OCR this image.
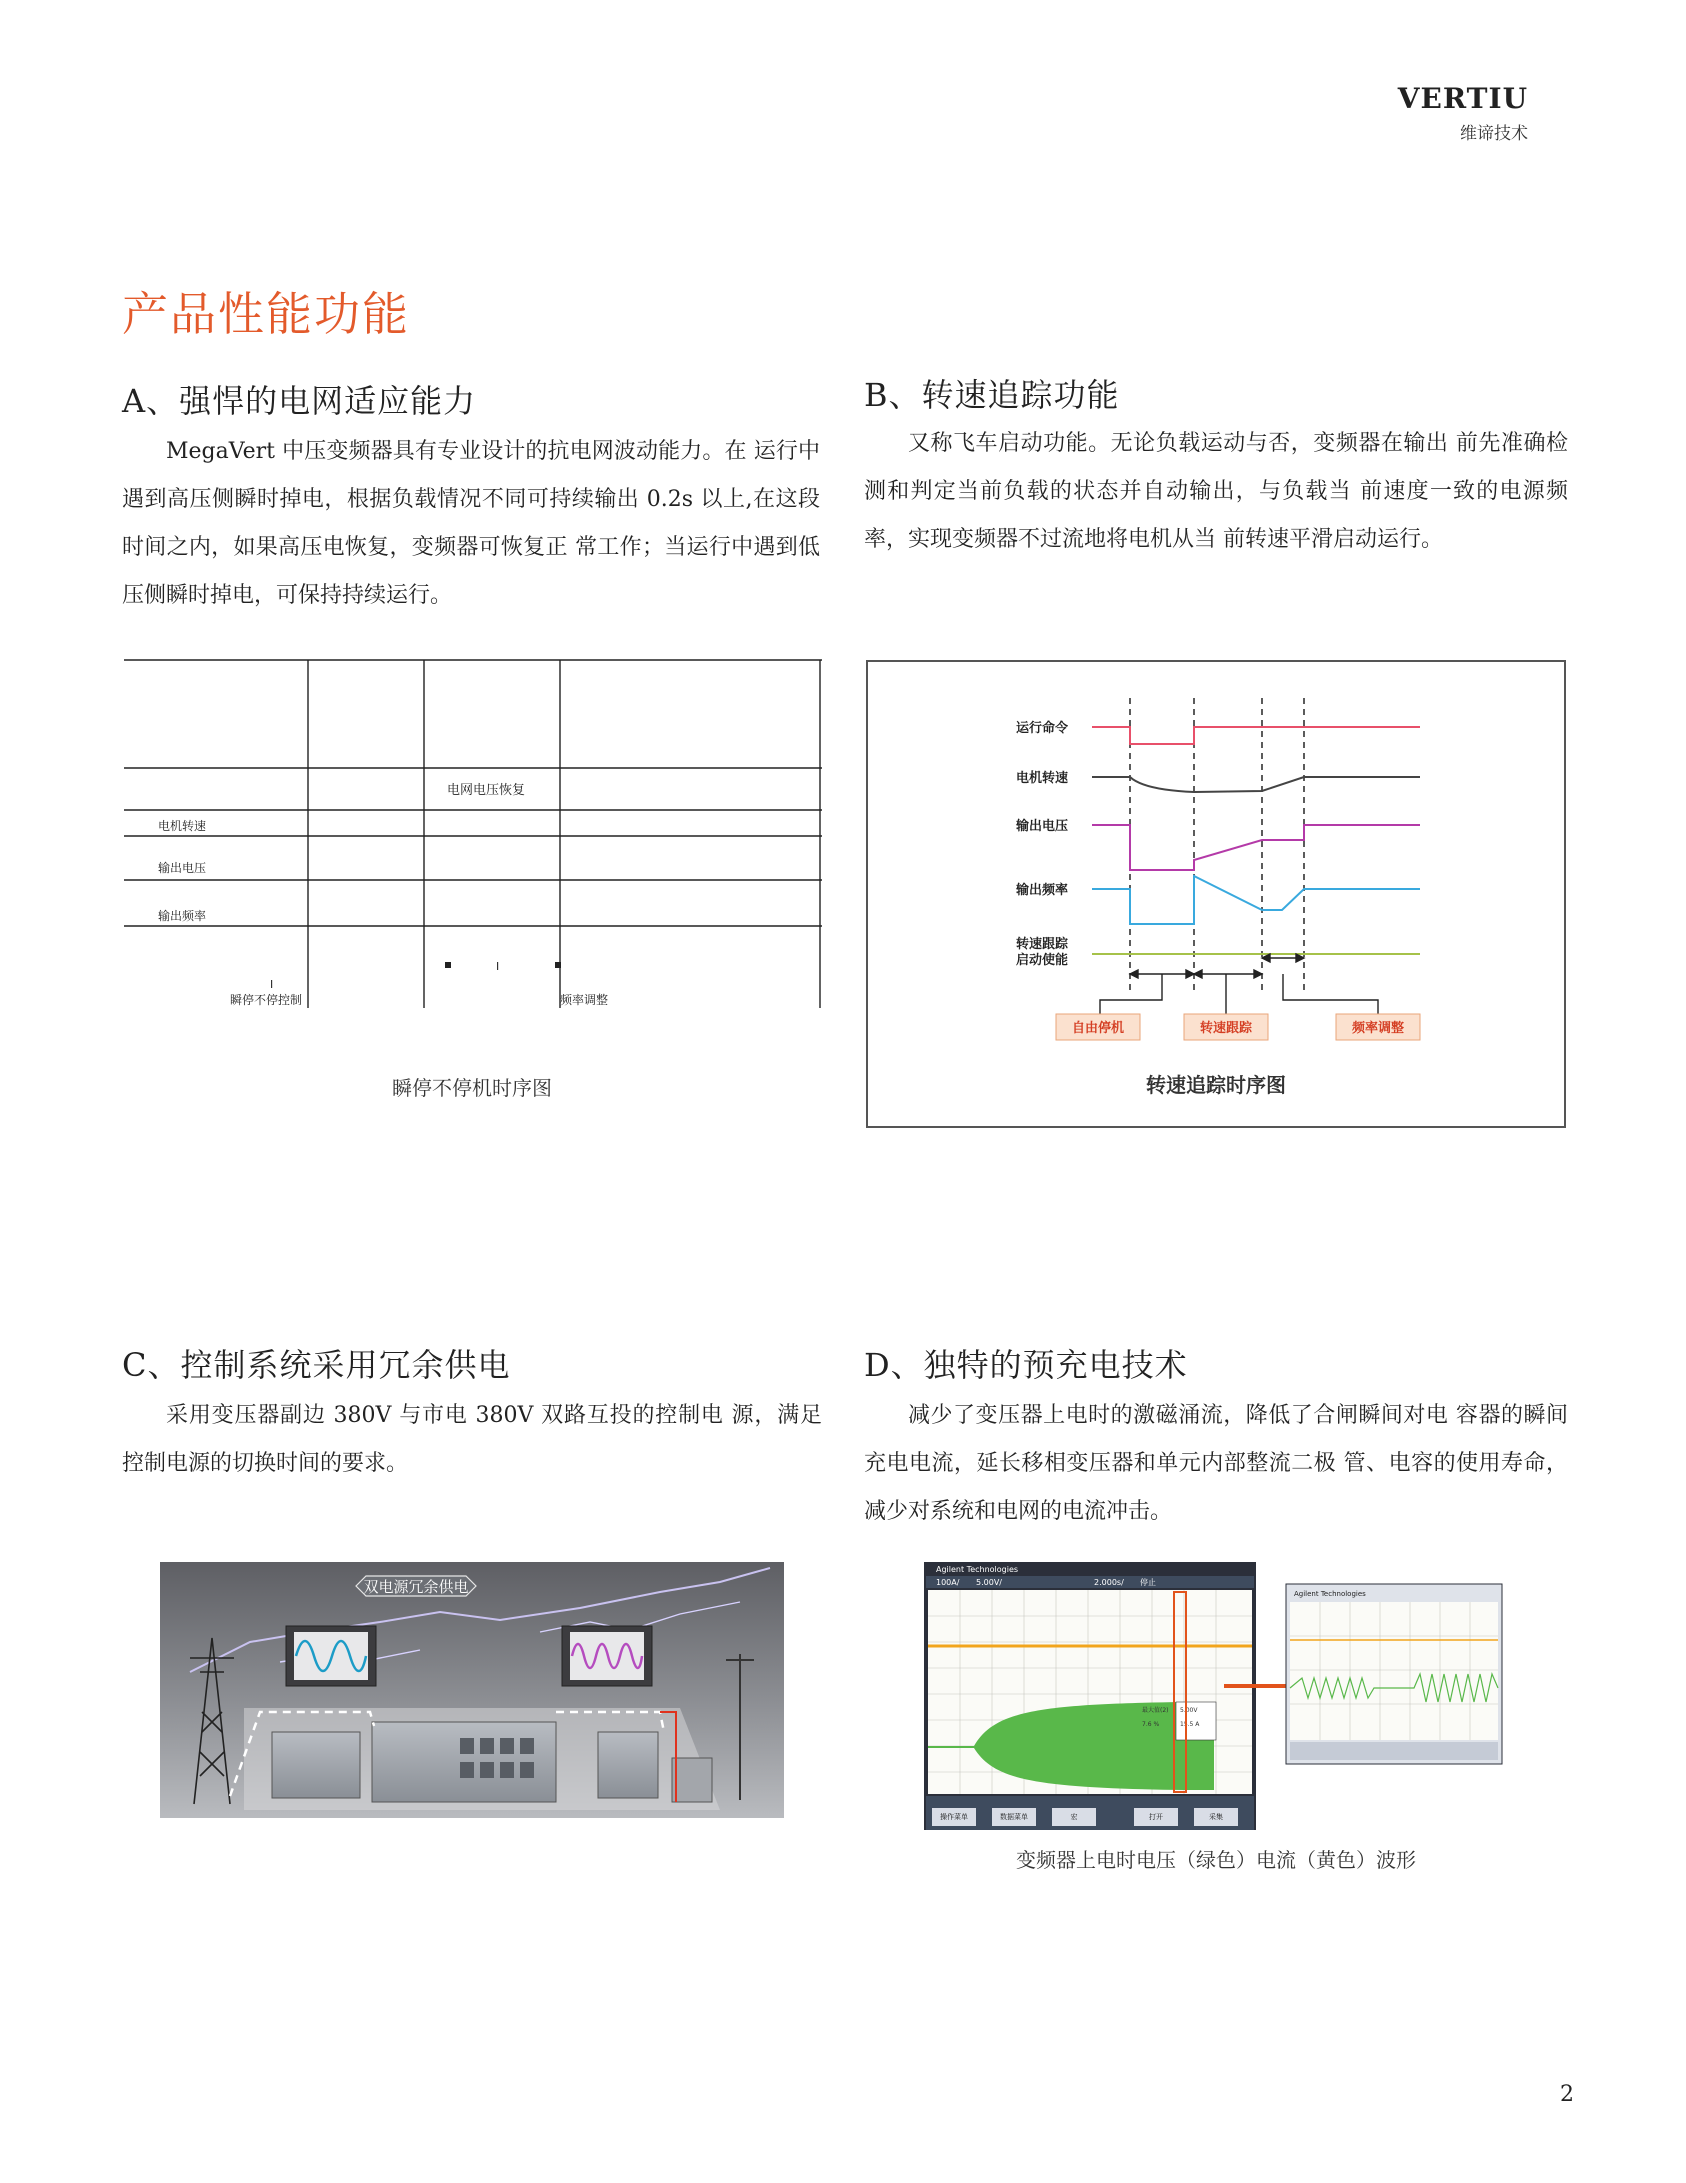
VERTIU
维谛技术
产品性能功能
A、强悍的电网适应能力
MegaVert 中压变频器具有专业设计的抗电网波动能力。在 运行中遇到高压侧瞬时掉电，根据负载情况不同可持续输出 0.2s 以上,在这段时间之内，如果高压电恢复，变频器可恢复正 常工作；当运行中遇到低压侧瞬时掉电，可保持持续运行。
电网电压恢复
电机转速
输出电压
输出频率
I
I
瞬停不停控制	频率调整
瞬停不停机时序图
B、转速追踪功能
又称飞车启动功能。无论负载运动与否，变频器在输出 前先准确检测和判定当前负载的状态并自动输出，与负载当 前速度一致的电源频率，实现变频器不过流地将电机从当 前转速平滑启动运行。
运行命令
电机转速
输出电压
输出频率
转速跟踪
启动使能
自由停机	转速跟踪	频率调整
转速追踪时序图
C、控制系统采用冗余供电
采用变压器副边 380V 与市电 380V 双路互投的控制电 源，满足控制电源的切换时间的要求。
双电源冗余供电
D、独特的预充电技术
减少了变压器上电时的激磁涌流，降低了合闸瞬间对电 容器的瞬间充电电流，延长移相变压器和单元内部整流二极 管、电容的使用寿命，减少对系统和电网的电流冲击。
Agilent Technologies
100A/ 5.00V/	2.000s/ 停止
最大值(2) 5.00V
7.6 %	15.5 A
操作菜单	数据菜单	宏	打开	采集
Agilent Technologies
变频器上电时电压（绿色）电流（黄色）波形
2
